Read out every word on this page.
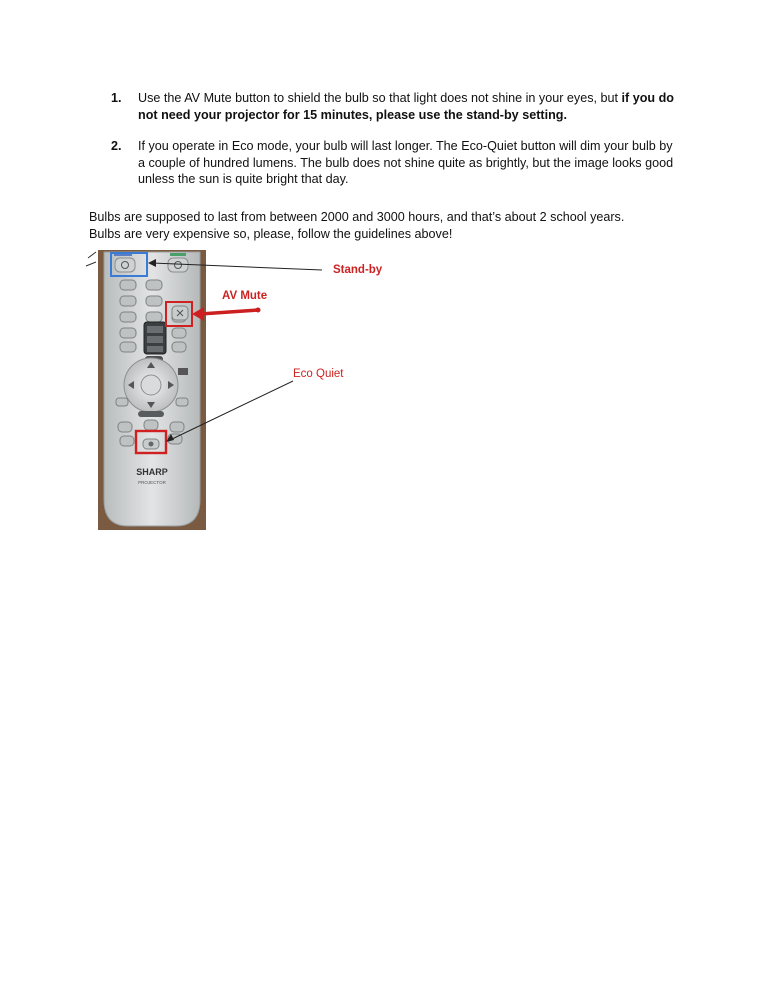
1. Use the AV Mute button to shield the bulb so that light does not shine in your eyes, but if you do not need your projector for 15 minutes, please use the stand-by setting.
2. If you operate in Eco mode, your bulb will last longer. The Eco-Quiet button will dim your bulb by a couple of hundred lumens. The bulb does not shine quite as brightly, but the image looks good unless the sun is quite bright that day.
Bulbs are supposed to last from between 2000 and 3000 hours, and that’s about 2 school years.
Bulbs are very expensive so, please, follow the guidelines above!
SHARP
PROJECTOR
Stand-by
AV Mute
Eco Quiet
